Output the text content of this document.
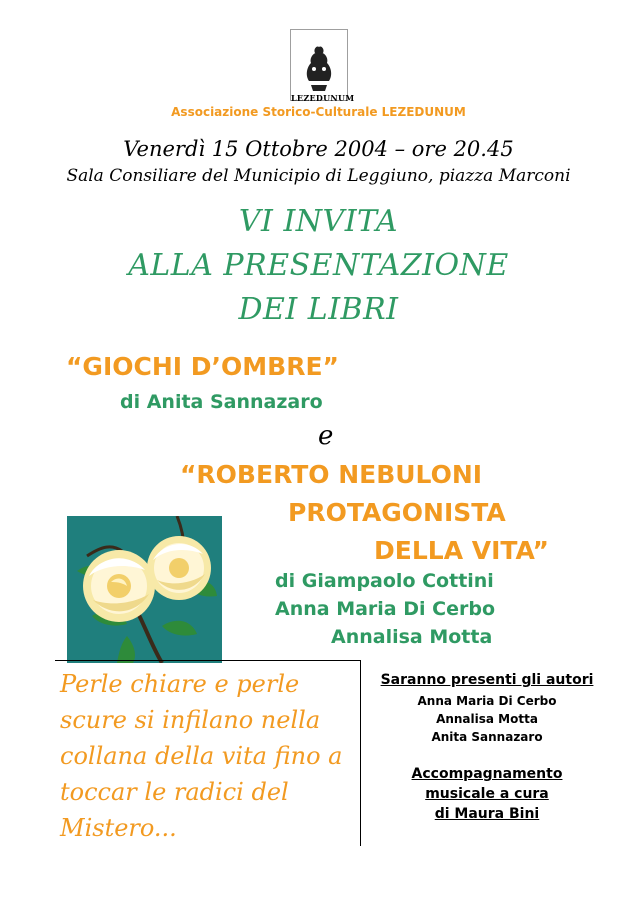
LEZEDUNUM
Associazione Storico-Culturale LEZEDUNUM
Venerdì 15 Ottobre 2004 – ore 20.45
Sala Consiliare del Municipio di Leggiuno, piazza Marconi
VI INVITA
ALLA PRESENTAZIONE
DEI LIBRI
“GIOCHI D’OMBRE”
di Anita Sannazaro
e
“ROBERTO NEBULONI
PROTAGONISTA
DELLA VITA”
di Giampaolo Cottini
Anna Maria Di Cerbo
Annalisa Motta
Perle chiare e perle scure si infilano nella collana della vita fino a toccar le radici del Mistero...
Saranno presenti gli autori
Anna Maria Di Cerbo
Annalisa Motta
Anita Sannazaro
Accompagnamento
musicale a cura
di Maura Bini
